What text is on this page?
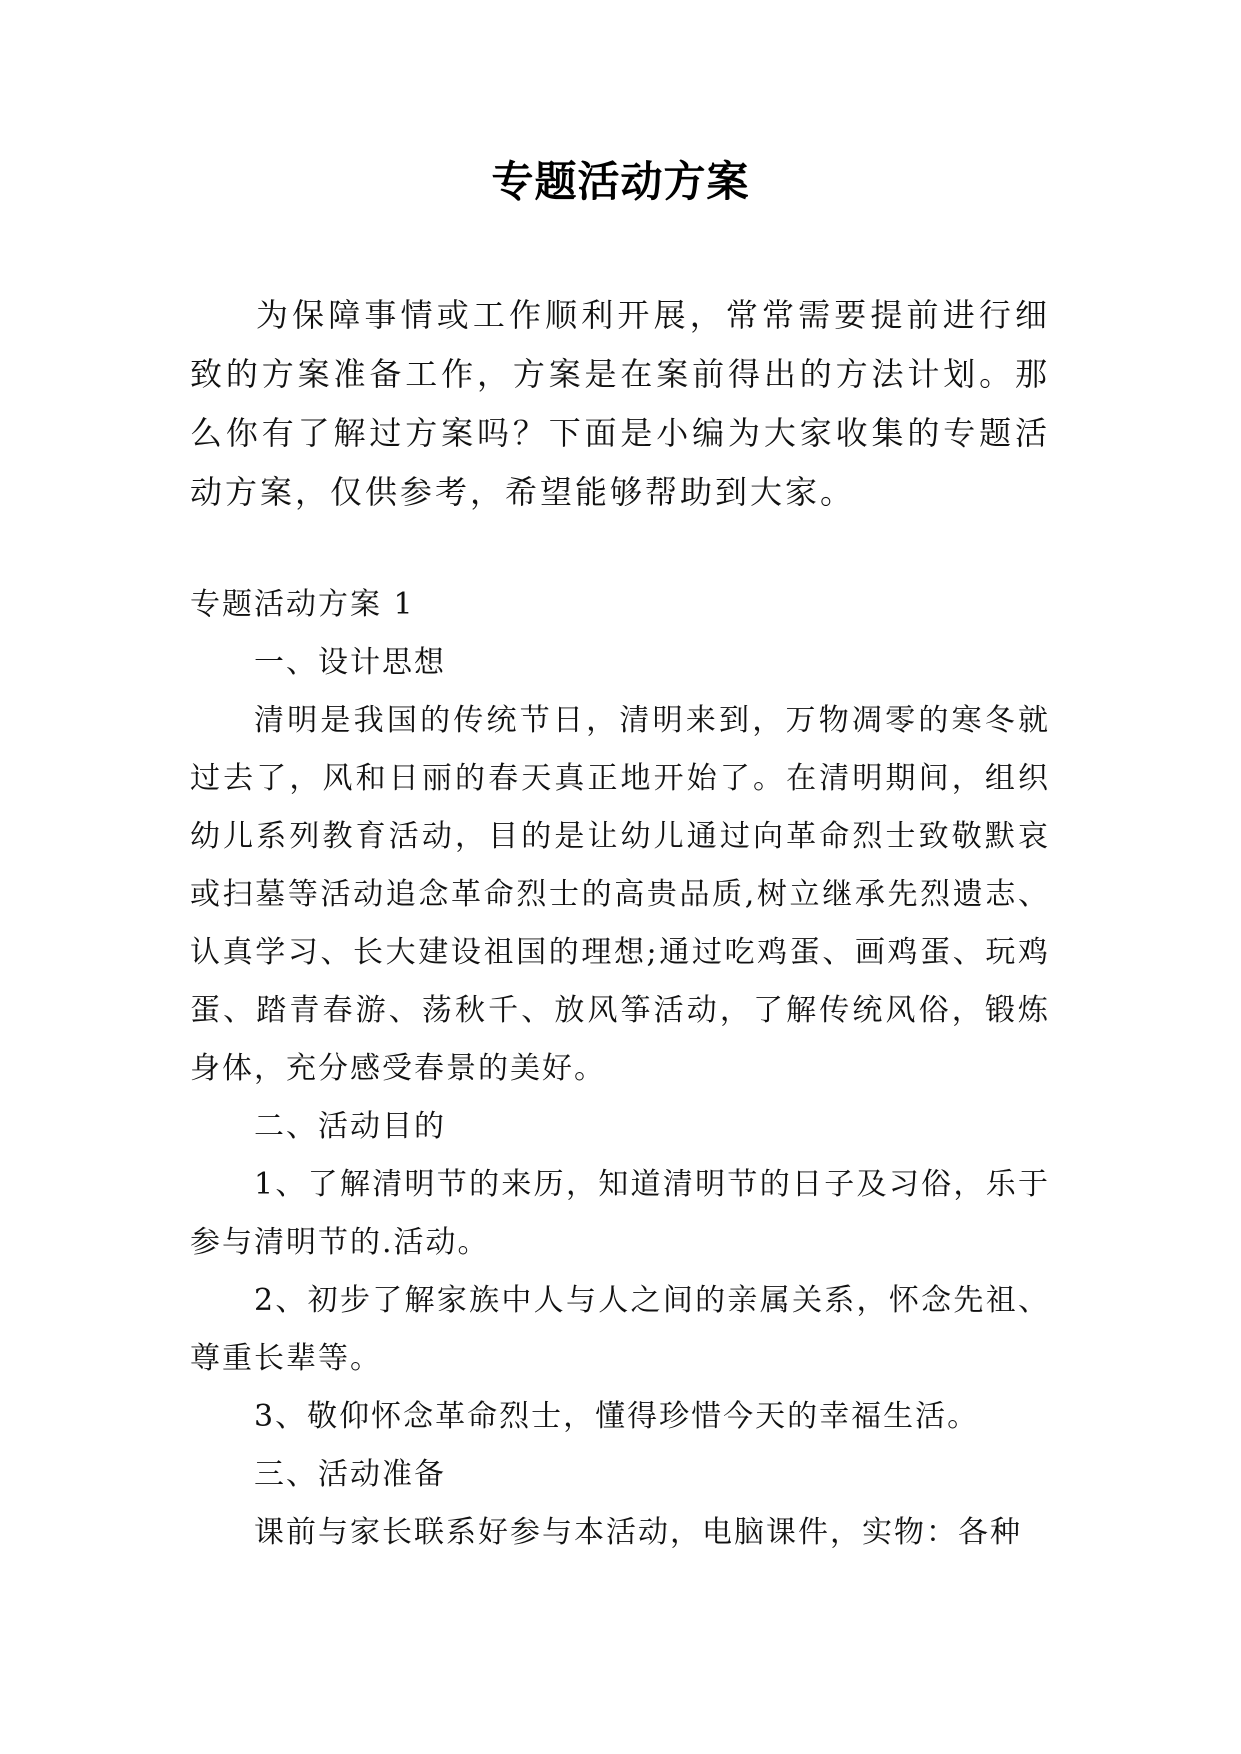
专题活动方案

为保障事情或工作顺利开展，常常需要提前进行细致的方案准备工作，方案是在案前得出的方法计划。那么你有了解过方案吗？下面是小编为大家收集的专题活动方案，仅供参考，希望能够帮助到大家。

专题活动方案 1

一、设计思想

清明是我国的传统节日，清明来到，万物凋零的寒冬就过去了，风和日丽的春天真正地开始了。在清明期间，组织幼儿系列教育活动，目的是让幼儿通过向革命烈士致敬默哀或扫墓等活动追念革命烈士的高贵品质,树立继承先烈遗志、认真学习、长大建设祖国的理想;通过吃鸡蛋、画鸡蛋、玩鸡蛋、踏青春游、荡秋千、放风筝活动，了解传统风俗，锻炼身体，充分感受春景的美好。

二、活动目的

1、了解清明节的来历，知道清明节的日子及习俗，乐于参与清明节的.活动。

2、初步了解家族中人与人之间的亲属关系，怀念先祖、尊重长辈等。

3、敬仰怀念革命烈士，懂得珍惜今天的幸福生活。

三、活动准备

课前与家长联系好参与本活动，电脑课件，实物：各种
